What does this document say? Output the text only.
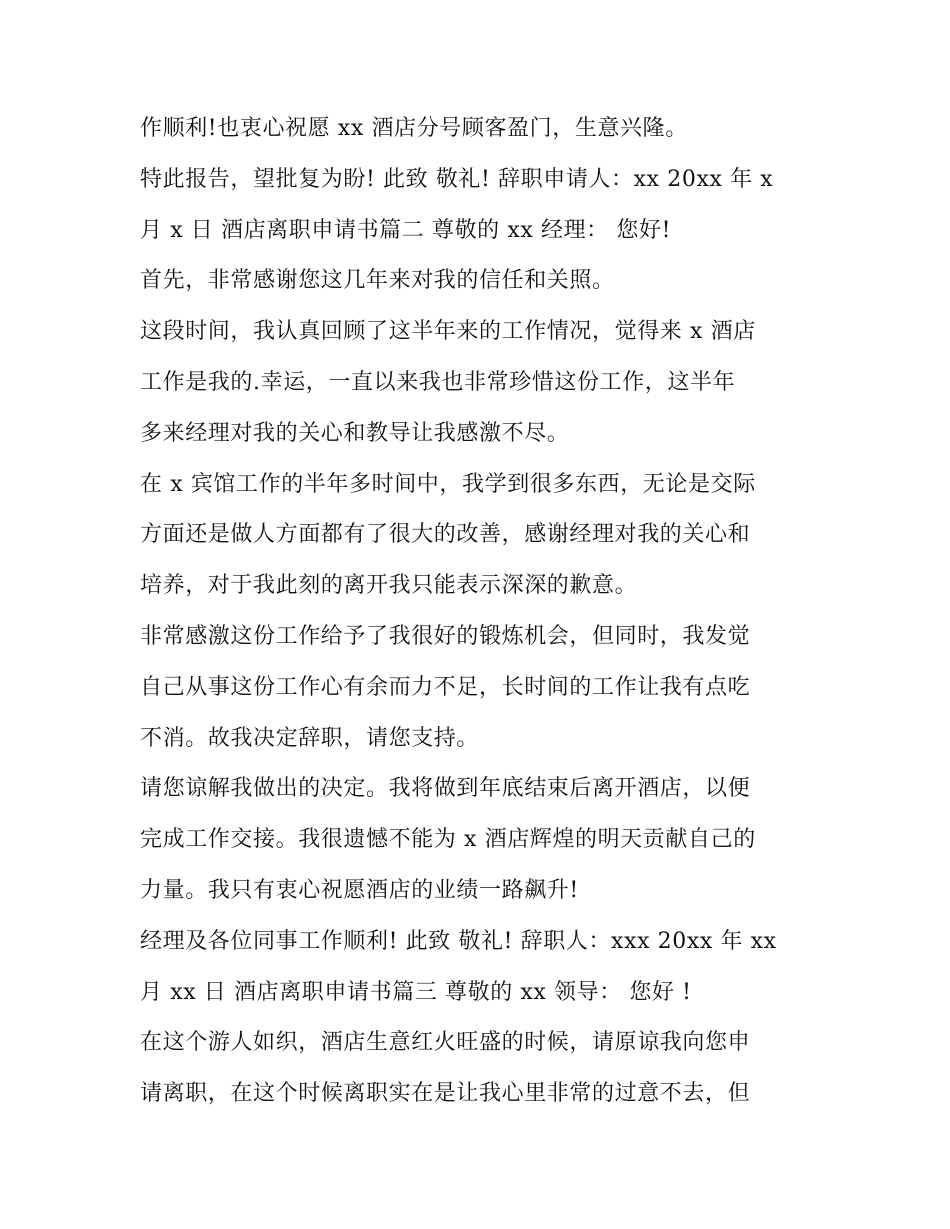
作顺利!也衷心祝愿 xx 酒店分号顾客盈门，生意兴隆。
特此报告，望批复为盼! 此致 敬礼! 辞职申请人：xx 20xx 年 x
月 x 日 酒店离职申请书篇二 尊敬的 xx 经理： 您好!
首先，非常感谢您这几年来对我的信任和关照。
这段时间，我认真回顾了这半年来的工作情况，觉得来 x 酒店
工作是我的.幸运，一直以来我也非常珍惜这份工作，这半年
多来经理对我的关心和教导让我感激不尽。
在 x 宾馆工作的半年多时间中，我学到很多东西，无论是交际
方面还是做人方面都有了很大的改善，感谢经理对我的关心和
培养，对于我此刻的离开我只能表示深深的歉意。
非常感激这份工作给予了我很好的锻炼机会，但同时，我发觉
自己从事这份工作心有余而力不足，长时间的工作让我有点吃
不消。故我决定辞职，请您支持。
请您谅解我做出的决定。我将做到年底结束后离开酒店，以便
完成工作交接。我很遗憾不能为 x 酒店辉煌的明天贡献自己的
力量。我只有衷心祝愿酒店的业绩一路飙升!
经理及各位同事工作顺利! 此致 敬礼! 辞职人：xxx 20xx 年 xx
月 xx 日 酒店离职申请书篇三 尊敬的 xx 领导： 您好 !
在这个游人如织，酒店生意红火旺盛的时候，请原谅我向您申
请离职，在这个时候离职实在是让我心里非常的过意不去，但
